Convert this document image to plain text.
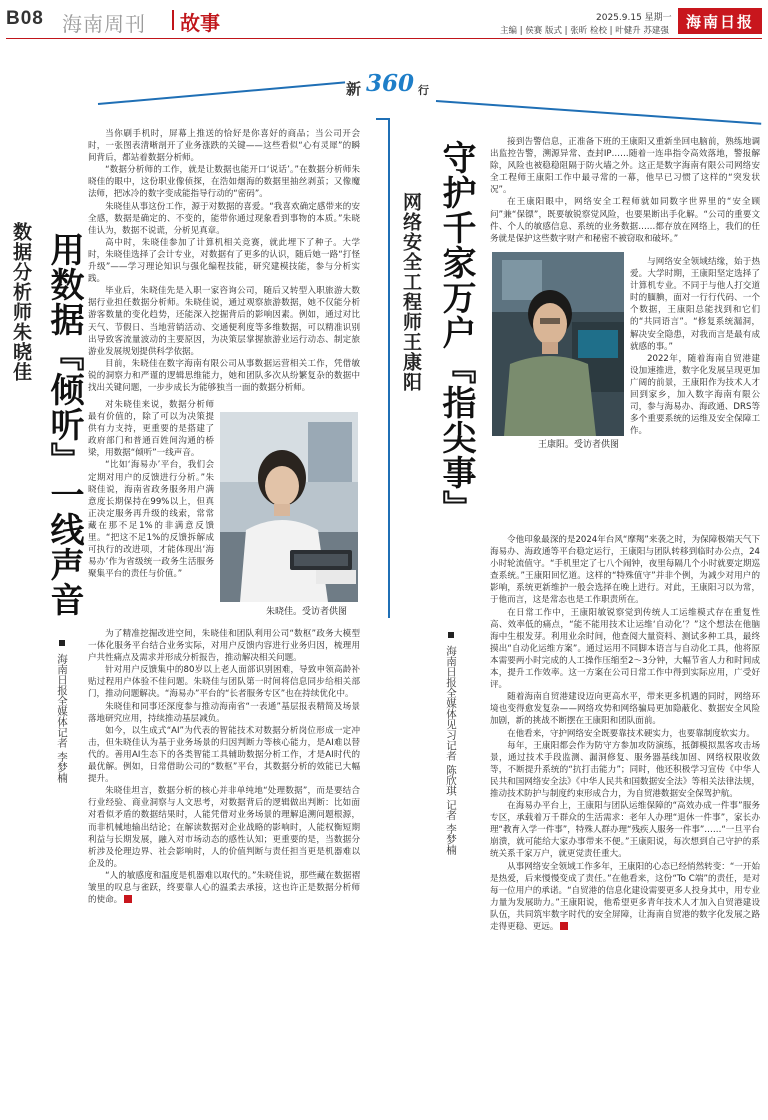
B08 海南周刊 故事	2025.9.15 星期一
主编 | 侯赛 版式 | 张昕 检校 | 叶健升 苏建强
海南日报
新 360 行
用数据『倾听』一线声音
数据分析师朱晓佳
海南日报全媒体记者 李梦楠

当你刷手机时，屏幕上推送的恰好是你喜好的商品；当公司开会时，一张图表清晰剖开了业务涨跌的关键——这些看似“心有灵犀”的瞬间背后，都站着数据分析师。

“数据分析师的工作，就是让数据也能开口‘说话’。”在数据分析师朱晓佳的眼中，这份职业像侦探，在浩如烟海的数据里抽丝剥茧；又像魔法师，把冰冷的数字变成能指导行动的“密码”。

朱晓佳从事这份工作，源于对数据的喜爱。“我喜欢确定感带来的安全感，数据是确定的、不变的，能带你通过现象看到事物的本质。”朱晓佳认为，数据不说谎，分析见真章。

高中时，朱晓佳参加了计算机相关竞赛，就此埋下了种子。大学时，朱晓佳选择了会计专业，对数据有了更多的认识，随后她一路“打怪升级”——学习理论知识与强化编程技能，研究建模技能，参与分析实践。

毕业后，朱晓佳先是入职一家咨询公司，随后又转型入职旅游大数据行业担任数据分析师。朱晓佳说，通过观察旅游数据，她不仅能分析游客数量的变化趋势，还能深入挖掘背后的影响因素。例如，通过对比天气、节假日、当地营销活动、交通便利度等多维数据，可以精准识别出导致客流量波动的主要原因，为决策层掌握旅游业运行动态、制定旅游业发展规划提供科学依据。

目前，朱晓佳在数字海南有限公司从事数据运营相关工作，凭借敏锐的洞察力和严谨的逻辑思维能力，她和团队多次从纷繁复杂的数据中找出关键问题，一步步成长为能够独当一面的数据分析师。

对朱晓佳来说，数据分析师最有价值的，除了可以为决策提供有力支持，更重要的是搭建了政府部门和普通百姓间沟通的桥梁，用数据“倾听”一线声音。

“比如‘海易办’平台，我们会定期对用户的反馈进行分析。”朱晓佳说，海南省政务服务用户满意度长期保持在99%以上，但真正决定服务再升级的线索，常常藏在那不足1%的非满意反馈里。“把这不足1%的反馈拆解成可执行的改进项，才能体现出‘海易办’作为省级统一政务生活服务聚集平台的责任与价值。”

朱晓佳。受访者供图

为了精准挖掘改进空间，朱晓佳和团队利用公司“数枢”政务大模型一体化服务平台结合业务实际，对用户反馈内容进行业务归因，梳理用户共性痛点及需求并形成分析报告，推动解决相关问题。

针对用户反馈集中的80岁以上老人面部识别困难，导致申领高龄补贴过程用户体验不佳问题。朱晓佳与团队第一时间将信息同步给相关部门，推动问题解决。“海易办”平台的“长者服务专区”也在持续优化中。

朱晓佳和同事还深度参与推动海南省“一表通”基层报表精简及场景落地研究应用，持续推动基层减负。

如今，以生成式“AI”为代表的智能技术对数据分析岗位形成一定冲击，但朱晓佳认为基于业务场景的归因判断力等核心能力，是AI难以替代的。善用AI生态下的各类智能工具辅助数据分析工作，才是AI时代的最优解。例如，日常借助公司的“数枢”平台，其数据分析的效能已大幅提升。

朱晓佳坦言，数据分析的核心并非单纯地“处理数据”，而是要结合行业经验、商业洞察与人文思考，对数据背后的逻辑做出判断：比如面对看似矛盾的数据结果时，人能凭借对业务场景的理解追溯问题根源，而非机械地输出结论；在解读数据对企业战略的影响时，人能权衡短期利益与长期发展，融入对市场动态的感性认知；更重要的是，当数据分析涉及伦理边界、社会影响时，人的价值判断与责任担当更是机器难以企及的。

“人的敏感度和温度是机器难以取代的。”朱晓佳说，那些藏在数据褶皱里的叹息与雀跃，终要靠人心的温柔去承接，这也许正是数据分析师的使命。

守护千家万户『指尖事』
网络安全工程师王康阳
海南日报全媒体见习记者 陈欣琪 记者 李梦楠

接到告警信息，正准备下班的王康阳又重新坐回电脑前，熟练地调出监控告警，溯源异常、查封IP……随着一连串指令高效落地，警报解除，风险也被稳稳阻隔于防火墙之外。这正是数字海南有限公司网络安全工程师王康阳工作中最寻常的一幕，他早已习惯了这样的“突发状况”。

在王康阳眼中，网络安全工程师就如同数字世界里的“安全顾问”兼“保镖”，既要敏锐察觉风险，也要果断出手化解。“公司的重要文件、个人的敏感信息、系统的业务数据……都存放在网络上，我们的任务就是保护这些数字财产和秘密不被窃取和破坏。”

王康阳。受访者供图

与网络安全领域结缘，始于热爱。大学时期，王康阳坚定选择了计算机专业。不同于与他人打交道时的腼腆，面对一行行代码、一个个数据，王康阳总能找到和它们的“共同语言”。“修复系统漏洞，解决安全隐患，对我而言是最有成就感的事。”

2022年，随着海南自贸港建设加速推进，数字化发展呈现更加广阔的前景，王康阳作为技术人才回到家乡，加入数字海南有限公司，参与海易办、海政通、DRS等多个重要系统的运维及安全保障工作。

令他印象最深的是2024年台风“摩羯”来袭之时，为保障极端天气下海易办、海政通等平台稳定运行，王康阳与团队转移到临时办公点，24小时轮流值守。“手机里定了七八个闹钟，夜里每隔几个小时就要定期巡查系统。”王康阳回忆道。这样的“特殊值守”并非个例，为减少对用户的影响，系统更新维护一般会选择在晚上进行。对此，王康阳习以为常，于他而言，这是常态也是工作职责所在。

在日常工作中，王康阳敏锐察觉到传统人工运维模式存在重复性高、效率低的痛点，“能不能用技术让运维‘自动化’？”这个想法在他脑海中生根发芽。利用业余时间，他查阅大量资料、测试多种工具，最终摸出“自动化运维方案”。通过运用不同脚本语言与自动化工具，他将原本需要两小时完成的人工操作压缩至2～3分钟，大幅节省人力和时间成本，提升工作效率。这一方案在公司日常工作中得到实际应用，广受好评。

随着海南自贸港建设迈向更高水平，带来更多机遇的同时，网络环境也变得愈发复杂——网络攻势和网络骗局更加隐蔽化、数据安全风险加剧，新的挑战不断摆在王康阳和团队面前。

在他看来，守护网络安全既要靠技术硬实力，也要靠制度软实力。

每年，王康阳都会作为防守方参加攻防演练，抵御模拟黑客攻击场景，通过技术手段监测、漏洞修复、服务器基线加固、网络权限收敛等，不断提升系统的“抗打击能力”；同时，他还积极学习宣传《中华人民共和国网络安全法》《中华人民共和国数据安全法》等相关法律法规，推动技术防护与制度约束形成合力，为自贸港数据安全保驾护航。

在海易办平台上，王康阳与团队运维保障的“高效办成一件事”服务专区，承载着万千群众的生活需求：老年人办理“退休一件事”，家长办理“教育入学一件事”，特殊人群办理“残疾人服务一件事”……“一旦平台崩溃，就可能给大家办事带来不便。”王康阳说，每次想到自己守护的系统关系千家万户，就更觉责任重大。

从事网络安全领域工作多年，王康阳的心态已经悄然转变：“一开始是热爱，后来慢慢变成了责任。”在他看来，这份“To C端”的责任，是对每一位用户的承诺。“自贸港的信息化建设需要更多人投身其中，用专业力量为发展助力。”王康阳说，他希望更多青年技术人才加入自贸港建设队伍，共同筑牢数字时代的安全屏障，让海南自贸港的数字化发展之路走得更稳、更远。
